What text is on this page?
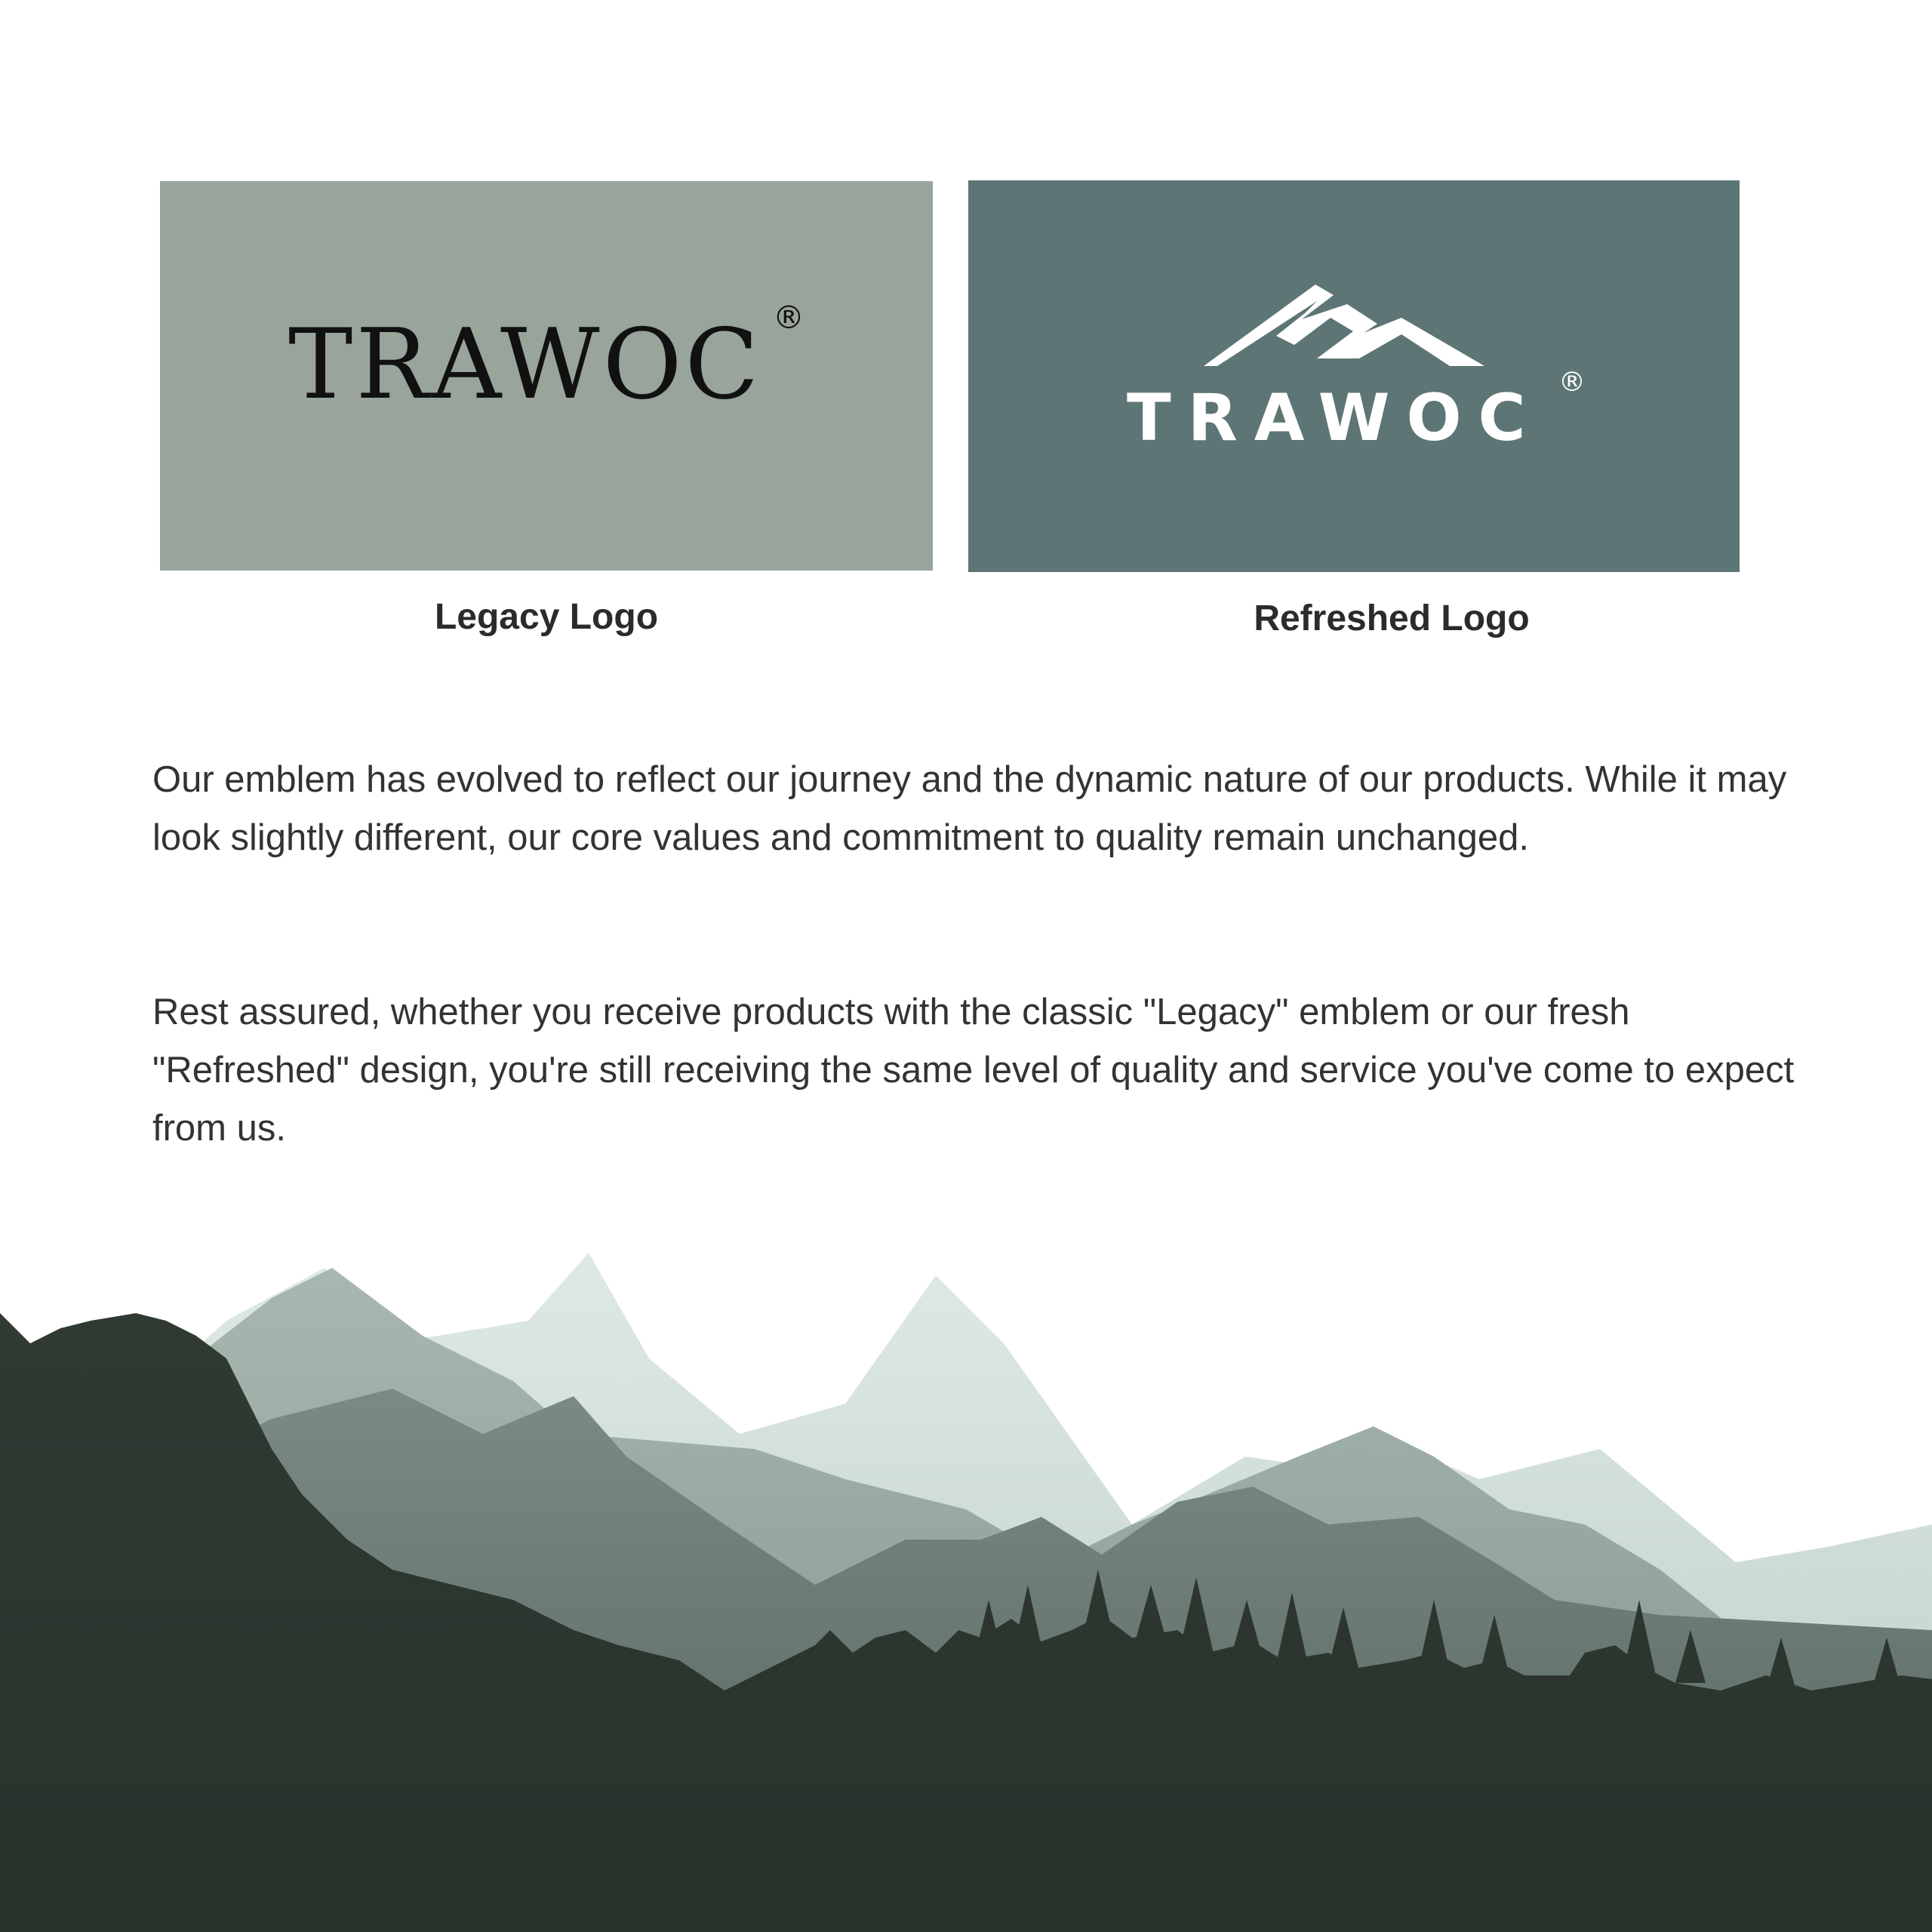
TRAWOC ®

Legacy Logo

TRAWOC ®

Refreshed Logo

Our emblem has evolved to reflect our journey and the dynamic nature of our products. While it may look slightly different, our core values and commitment to quality remain unchanged.

Rest assured, whether you receive products with the classic "Legacy" emblem or our fresh "Refreshed" design, you're still receiving the same level of quality and service you've come to expect from us.
